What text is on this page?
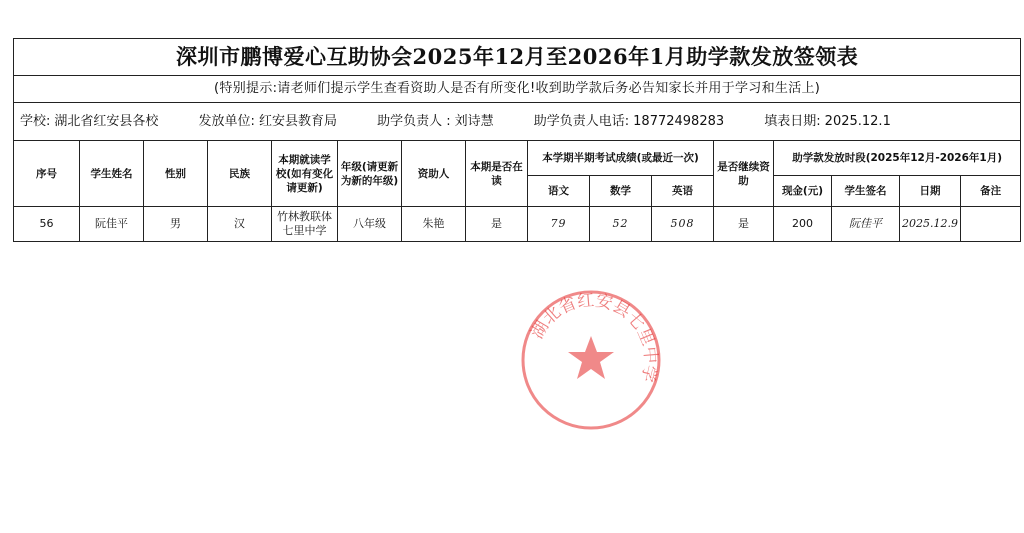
深圳市鹏博爱心互助协会2025年12月至2026年1月助学款发放签领表															
(特别提示:请老师们提示学生查看资助人是否有所变化!收到助学款后务必告知家长并用于学习和生活上)															
学校: 湖北省红安县各校 发放单位: 红安县教育局 助学负责人 : 刘诗慧 助学负责人电话: 18772498283 填表日期: 2025.12.1															
序号	学生姓名	性别	民族	本期就读学校(如有变化请更新)	年级(请更新为新的年级)	资助人	本期是否在读	本学期半期考试成绩(或最近一次)			是否继续资助	助学款发放时段(2025年12月-2026年1月)			
								语文	数学	英语		现金(元)	学生签名	日期	备注
56	阮佳平	男	汉	竹林教联体七里中学	八年级	朱艳	是	79	52	508	是	200	阮佳平	2025.12.9	
湖北省红安县七里中学
